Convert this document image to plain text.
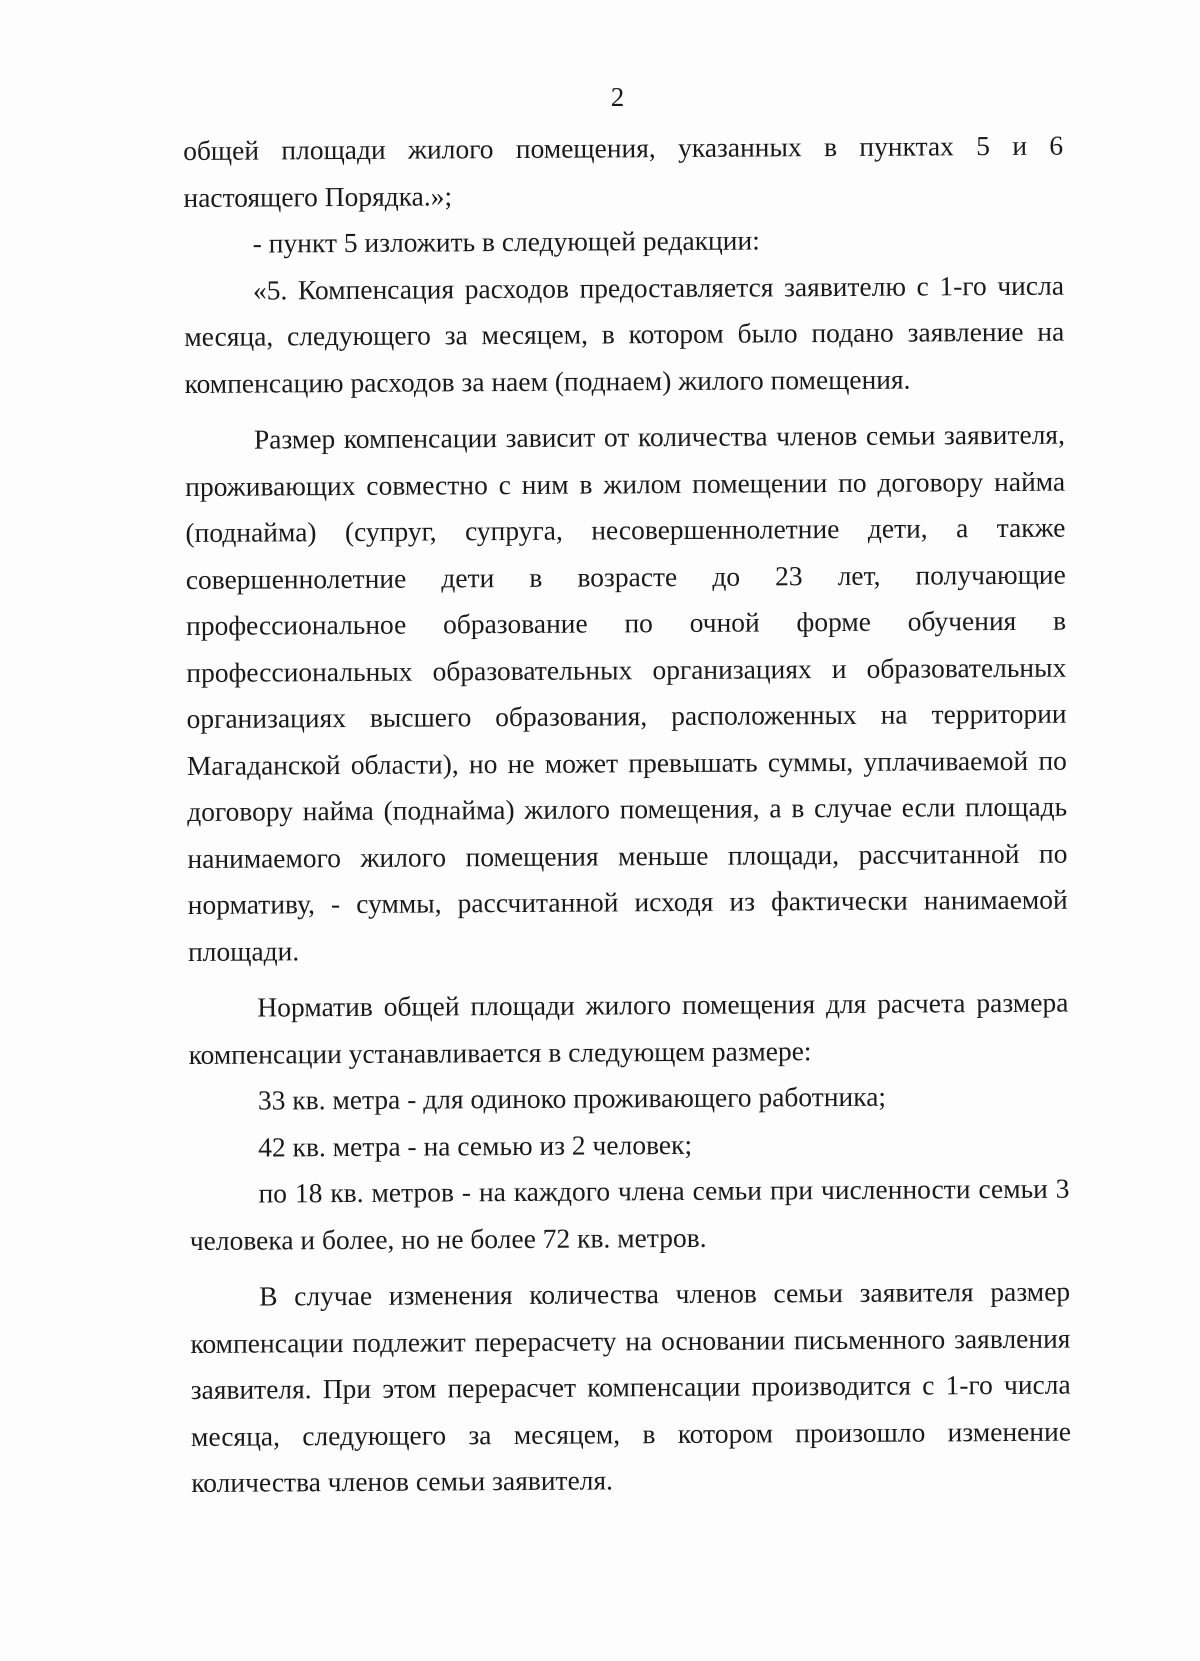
2

общей площади жилого помещения, указанных в пунктах 5 и 6 настоящего Порядка.»;

- пункт 5 изложить в следующей редакции:

«5. Компенсация расходов предоставляется заявителю с 1-го числа месяца, следующего за месяцем, в котором было подано заявление на компенсацию расходов за наем (поднаем) жилого помещения.

Размер компенсации зависит от количества членов семьи заявителя, проживающих совместно с ним в жилом помещении по договору найма (поднайма) (супруг, супруга, несовершеннолетние дети, а также совершеннолетние дети в возрасте до 23 лет, получающие профессиональное образование по очной форме обучения в профессиональных образовательных организациях и образовательных организациях высшего образования, расположенных на территории Магаданской области), но не может превышать суммы, уплачиваемой по договору найма (поднайма) жилого помещения, а в случае если площадь нанимаемого жилого помещения меньше площади, рассчитанной по нормативу, - суммы, рассчитанной исходя из фактически нанимаемой площади.

Норматив общей площади жилого помещения для расчета размера компенсации устанавливается в следующем размере:

33 кв. метра - для одиноко проживающего работника;

42 кв. метра - на семью из 2 человек;

по 18 кв. метров - на каждого члена семьи при численности семьи 3 человека и более, но не более 72 кв. метров.

В случае изменения количества членов семьи заявителя размер компенсации подлежит перерасчету на основании письменного заявления заявителя. При этом перерасчет компенсации производится с 1-го числа месяца, следующего за месяцем, в котором произошло изменение количества членов семьи заявителя.
